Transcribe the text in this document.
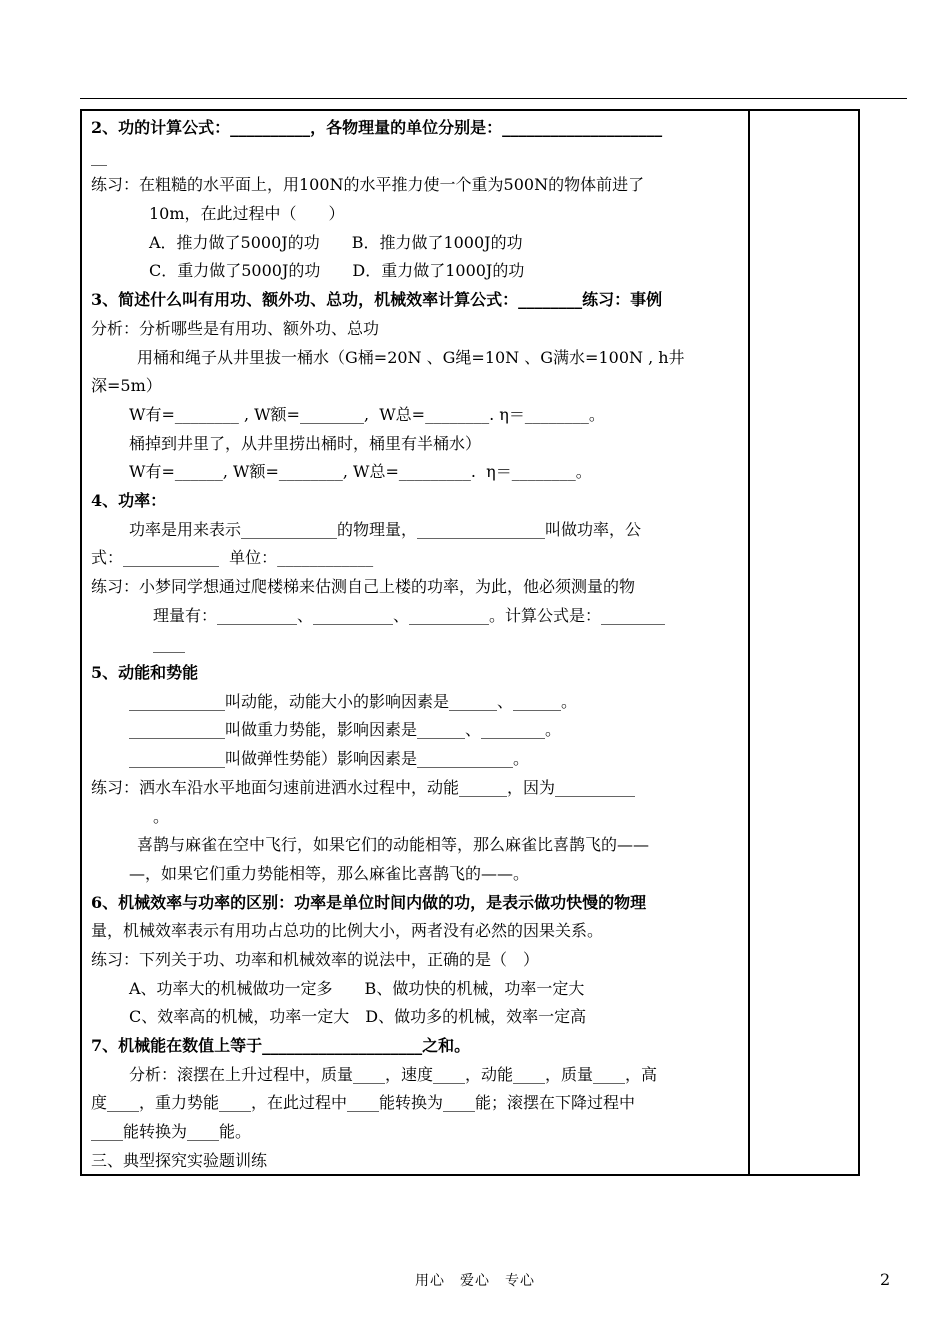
2、功的计算公式：__________，各物理量的单位分别是：____________________
__
练习：在粗糙的水平面上，用100N的水平推力使一个重为500N的物体前进了
10m，在此过程中（　　）
A．推力做了5000J的功　　B．推力做了1000J的功
C．重力做了5000J的功　　D．重力做了1000J的功
3、简述什么叫有用功、额外功、总功，机械效率计算公式：________练习：事例
分析：分析哪些是有用功、额外功、总功
用桶和绳子从井里拔一桶水（G桶=20N 、G绳=10N 、G满水=100N , h井
深=5m）
W有=________ , W额=________,  W总=________. η＝________。
桶掉到井里了，从井里捞出桶时，桶里有半桶水）
W有=______, W额=________, W总=_________.  η＝________。
4、功率：
功率是用来表示____________的物理量，________________叫做功率，公
式：____________  单位：____________
练习：小梦同学想通过爬楼梯来估测自己上楼的功率，为此，他必须测量的物
理量有：__________、__________、__________。计算公式是：________
____
5、动能和势能
____________叫动能，动能大小的影响因素是______、______。
____________叫做重力势能，影响因素是______、________。
____________叫做弹性势能）影响因素是____________。
练习：洒水车沿水平地面匀速前进洒水过程中，动能______，因为__________
。
喜鹊与麻雀在空中飞行，如果它们的动能相等，那么麻雀比喜鹊飞的——
—，如果它们重力势能相等，那么麻雀比喜鹊飞的——。
6、机械效率与功率的区别：功率是单位时间内做的功，是表示做功快慢的物理
量，机械效率表示有用功占总功的比例大小，两者没有必然的因果关系。
练习：下列关于功、功率和机械效率的说法中，正确的是（　）
A、功率大的机械做功一定多　　B、做功快的机械，功率一定大
C、效率高的机械，功率一定大　D、做功多的机械，效率一定高
7、机械能在数值上等于____________________之和。
分析：滚摆在上升过程中，质量____，速度____，动能____，质量____，高
度____，重力势能____，在此过程中____能转换为____能；滚摆在下降过程中
____能转换为____能。
三、典型探究实验题训练
用心　爱心　专心	2
